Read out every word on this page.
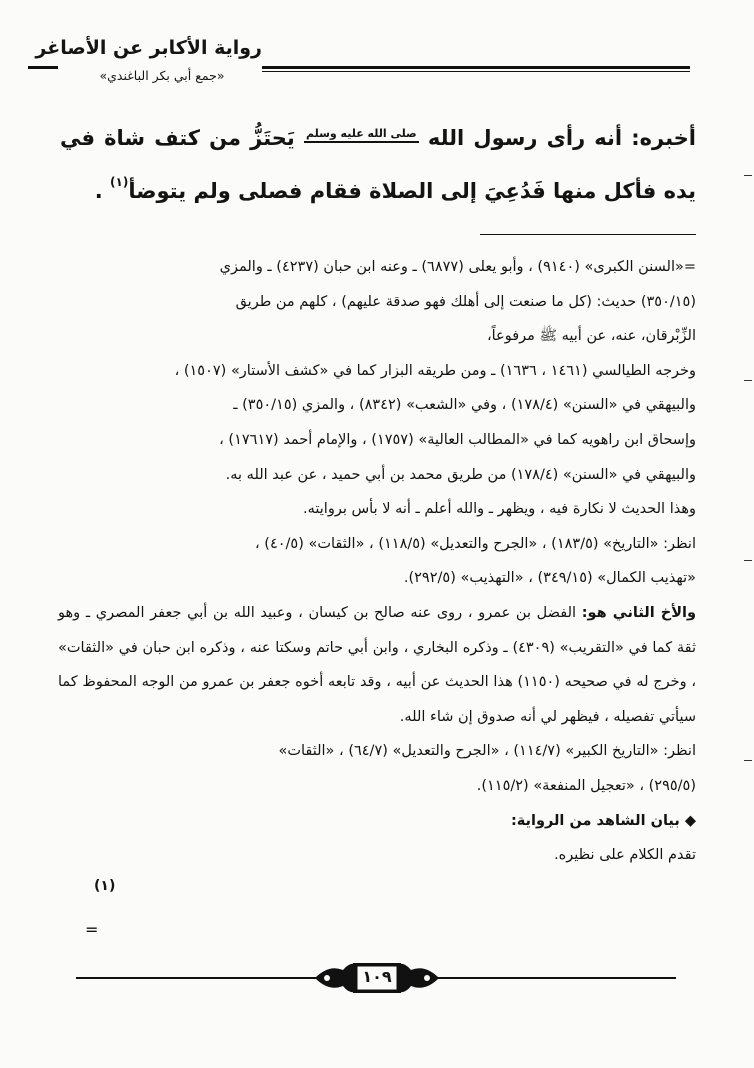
رواية الأكابر عن الأصاغر
«جمع أبي بكر الباغندي»

أخبره: أنه رأى رسول الله صلى الله عليه وسلم يَحتَزُّ من كتف شاة في يده فأكل منها فَدُعِيَ إلى الصلاة فقام فصلى ولم يتوضأ$^{(١)}$ .

=«السنن الكبرى» (٩١٤٠) ، وأبو يعلى (٦٨٧٧) ـ وعنه ابن حبان (٤٢٣٧) ـ والمزي

(٣٥٠/١٥) حديث: (كل ما صنعت إلى أهلك فهو صدقة عليهم) ، كلهم من طريق

الزِّبْرقان، عنه، عن أبيه ﷺ مرفوعاً،

وخرجه الطيالسي (١٤٦١ ، ١٦٣٦) ـ ومن طريقه البزار كما في «كشف الأستار» (١٥٠٧) ،

والبيهقي في «السنن» (١٧٨/٤) ، وفي «الشعب» (٨٣٤٢) ، والمزي (٣٥٠/١٥) ـ

وإسحاق ابن راهويه كما في «المطالب العالية» (١٧٥٧) ، والإمام أحمد (١٧٦١٧) ،

والبيهقي في «السنن» (١٧٨/٤) من طريق محمد بن أبي حميد ، عن عبد الله به.

وهذا الحديث لا نكارة فيه ، ويظهر ـ والله أعلم ـ أنه لا بأس بروايته.

انظر: «التاريخ» (١٨٣/٥) ، «الجرح والتعديل» (١١٨/٥) ، «الثقات» (٤٠/٥) ،

«تهذيب الكمال» (٣٤٩/١٥) ، «التهذيب» (٢٩٢/٥).

والأخ الثاني هو: الفضل بن عمرو ، روى عنه صالح بن كيسان ، وعبيد الله بن أبي جعفر المصري ـ وهو ثقة كما في «التقريب» (٤٣٠٩) ـ وذكره البخاري ، وابن أبي حاتم وسكتا عنه ، وذكره ابن حبان في «الثقات» ، وخرج له في صحيحه (١١٥٠) هذا الحديث عن أبيه ، وقد تابعه أخوه جعفر بن عمرو من الوجه المحفوظ كما سيأتي تفصيله ، فيظهر لي أنه صدوق إن شاء الله.

انظر: «التاريخ الكبير» (١١٤/٧) ، «الجرح والتعديل» (٦٤/٧) ، «الثقات»

(٢٩٥/٥) ، «تعجيل المنفعة» (١١٥/٢).

◆ بيان الشاهد من الرواية:

تقدم الكلام على نظيره.

(١)
=
١٠٩
